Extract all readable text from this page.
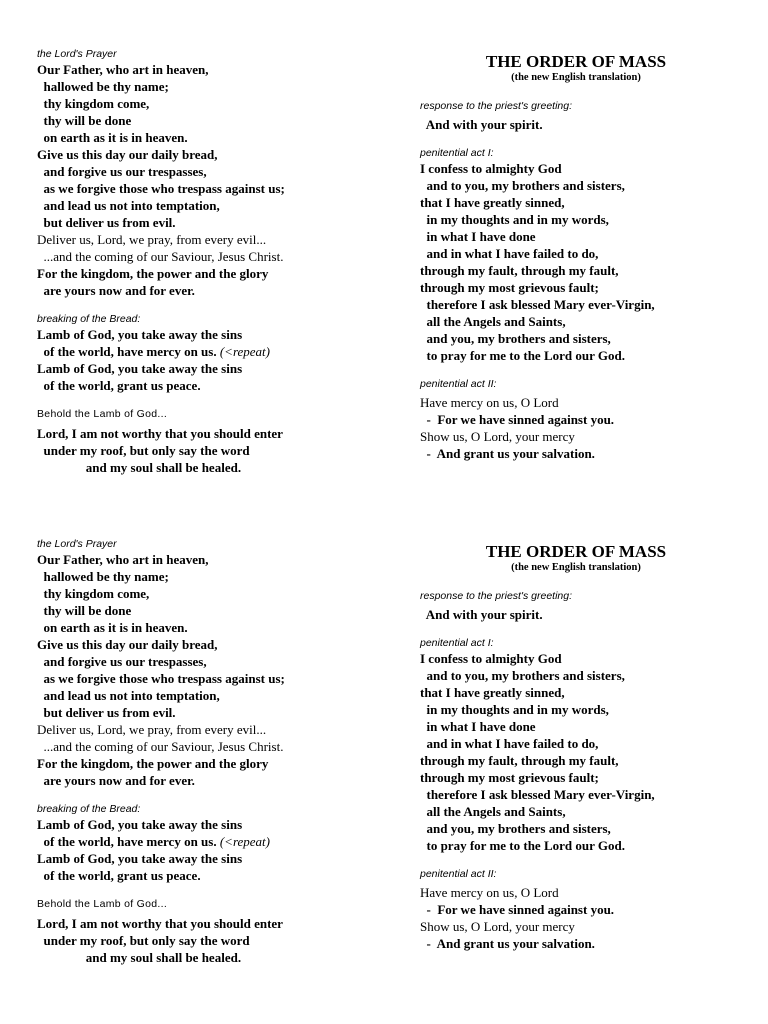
the Lord's Prayer
Our Father, who art in heaven,
hallowed be thy name;
thy kingdom come,
thy will be done
on earth as it is in heaven.
Give us this day our daily bread,
and forgive us our trespasses,
as we forgive those who trespass against us;
and lead us not into temptation,
but deliver us from evil.
Deliver us, Lord, we pray, from every evil...
...and the coming of our Saviour, Jesus Christ.
For the kingdom, the power and the glory
are yours now and for ever.
breaking of the Bread:
Lamb of God, you take away the sins
of the world, have mercy on us. (<repeat)
Lamb of God, you take away the sins
of the world, grant us peace.
Behold the Lamb of God...
Lord, I am not worthy that you should enter
under my roof, but only say the word
and my soul shall be healed.
THE ORDER OF MASS
(the new English translation)
response to the priest's greeting:
And with your spirit.
penitential act I:
I confess to almighty God
and to you, my brothers and sisters,
that I have greatly sinned,
in my thoughts and in my words,
in what I have done
and in what I have failed to do,
through my fault, through my fault,
through my most grievous fault;
therefore I ask blessed Mary ever-Virgin,
all the Angels and Saints,
and you, my brothers and sisters,
to pray for me to the Lord our God.
penitential act II:
Have mercy on us, O Lord
-  For we have sinned against you.
Show us, O Lord, your mercy
-  And grant us your salvation.
the Lord's Prayer
Our Father, who art in heaven,
hallowed be thy name;
thy kingdom come,
thy will be done
on earth as it is in heaven.
Give us this day our daily bread,
and forgive us our trespasses,
as we forgive those who trespass against us;
and lead us not into temptation,
but deliver us from evil.
Deliver us, Lord, we pray, from every evil...
...and the coming of our Saviour, Jesus Christ.
For the kingdom, the power and the glory
are yours now and for ever.
breaking of the Bread:
Lamb of God, you take away the sins
of the world, have mercy on us. (<repeat)
Lamb of God, you take away the sins
of the world, grant us peace.
Behold the Lamb of God...
Lord, I am not worthy that you should enter
under my roof, but only say the word
and my soul shall be healed.
THE ORDER OF MASS
(the new English translation)
response to the priest's greeting:
And with your spirit.
penitential act I:
I confess to almighty God
and to you, my brothers and sisters,
that I have greatly sinned,
in my thoughts and in my words,
in what I have done
and in what I have failed to do,
through my fault, through my fault,
through my most grievous fault;
therefore I ask blessed Mary ever-Virgin,
all the Angels and Saints,
and you, my brothers and sisters,
to pray for me to the Lord our God.
penitential act II:
Have mercy on us, O Lord
-  For we have sinned against you.
Show us, O Lord, your mercy
-  And grant us your salvation.
